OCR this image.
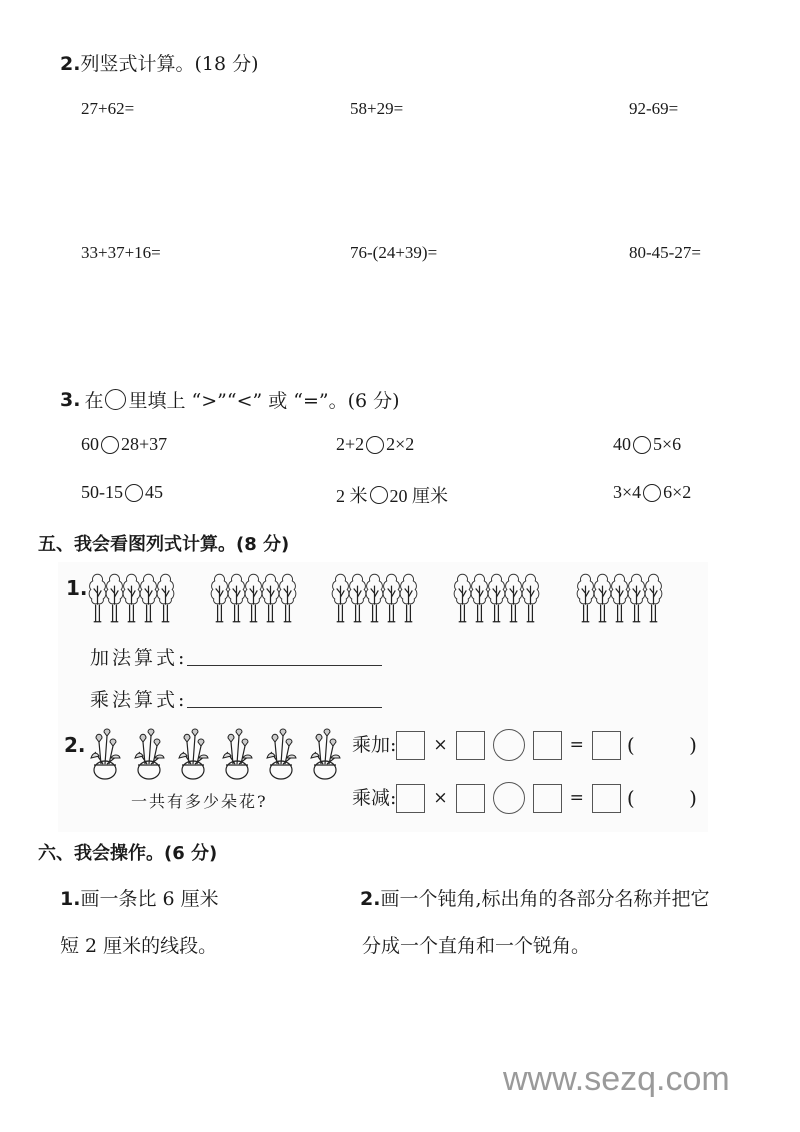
2.列竖式计算。(18 分)
27+62=	58+29=	92-69=
33+37+16=	76-(24+39)=	80-45-27=
3. 在 里填上 “>”“<” 或 “=”。(6 分)
60 28+37	2+2 2×2	40 5×6
50-15 45	2 米 20 厘米	3×4 6×2
五、我会看图列式计算。(8 分)
1.
加法算式:
乘法算式:
2.
一共有多少朵花?
乘加: ×	= (	)
乘减: ×	= (	)
六、我会操作。(6 分)
1.画一条比 6 厘米
短 2 厘米的线段。
2.画一个钝角,标出角的各部分名称并把它
分成一个直角和一个锐角。
www.sezq.com
